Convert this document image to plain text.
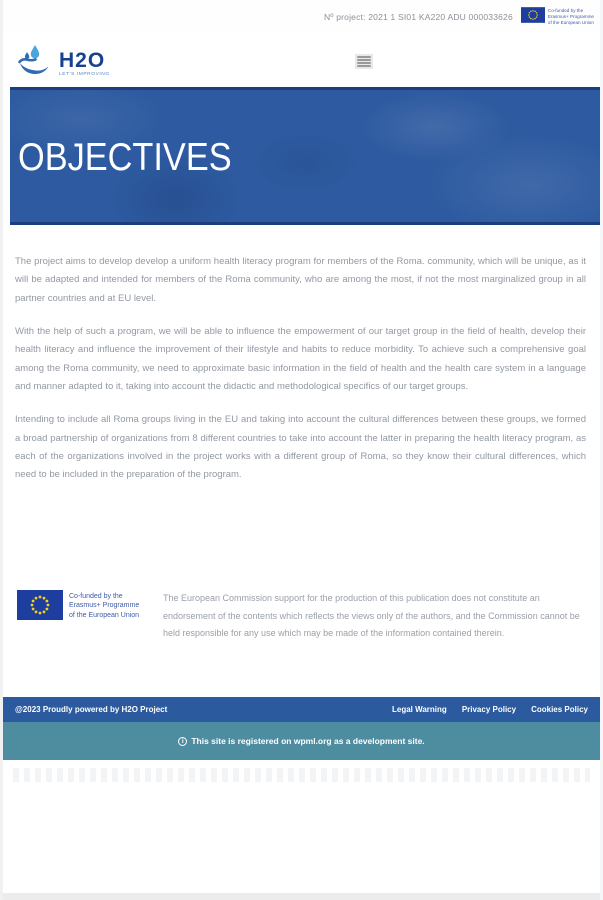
Nº project: 2021 1 SI01 KA220 ADU 000033626
Co-funded by the
Erasmus+ Programme
of the European Union
H2O
LET'S IMPROVING
OBJECTIVES

The project aims to develop develop a uniform health literacy program for members of the Roma. community, which will be unique, as it will be adapted and intended for members of the Roma community, who are among the most, if not the most marginalized group in all partner countries and at EU level.

With the help of such a program, we will be able to influence the empowerment of our target group in the field of health, develop their health literacy and influence the improvement of their lifestyle and habits to reduce morbidity. To achieve such a comprehensive goal among the Roma community, we need to approximate basic information in the field of health and the health care system in a language and manner adapted to it, taking into account the didactic and methodological specifics of our target groups.

Intending to include all Roma groups living in the EU and taking into account the cultural differences between these groups, we formed a broad partnership of organizations from 8 different countries to take into account the latter in preparing the health literacy program, as each of the organizations involved in the project works with a different group of Roma, so they know their cultural differences, which need to be included in the preparation of the program.

Co-funded by the
Erasmus+ Programme
of the European Union

The European Commission support for the production of this publication does not constitute an endorsement of the contents which reflects the views only of the authors, and the Commission cannot be held responsible for any use which may be made of the information contained therein.

@2023 Proudly powered by H2O Project	Legal Warning Privacy Policy Cookies Policy
i This site is registered on wpml.org as a development site.
